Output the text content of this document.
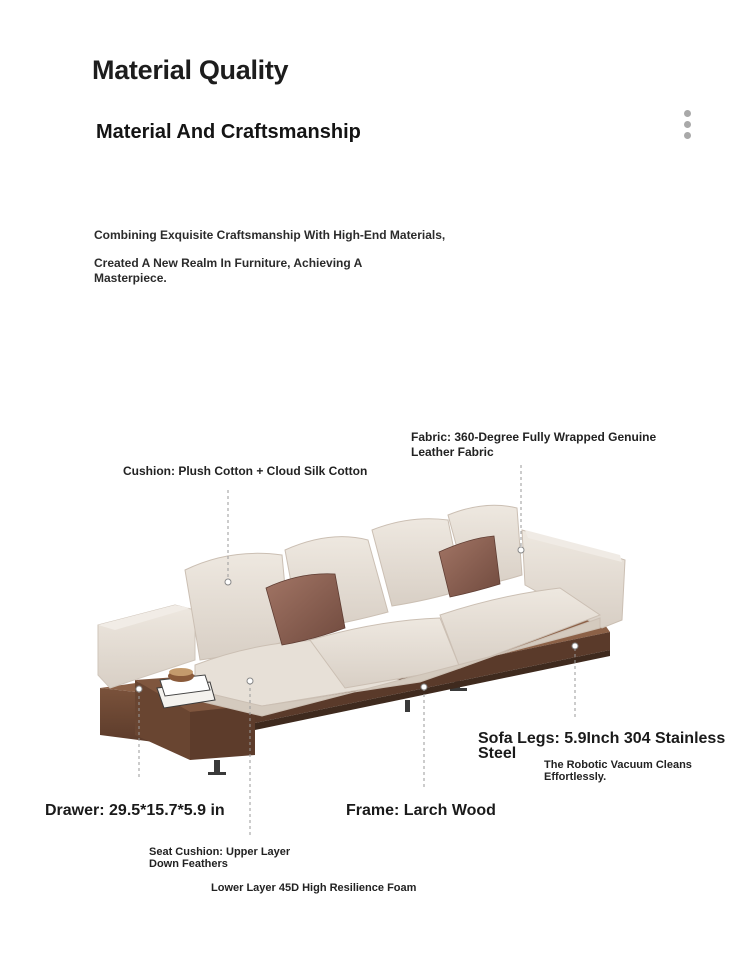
Material Quality
Material And Craftsmanship
Combining Exquisite Craftsmanship With High-End Materials,
Created A New Realm In Furniture, Achieving A
Masterpiece.
Fabric: 360-Degree Fully Wrapped Genuine
Leather Fabric
Cushion: Plush Cotton + Cloud Silk Cotton
Sofa Legs: 5.9Inch 304 Stainless Steel
The Robotic Vacuum Cleans
Effortlessly.
Drawer: 29.5*15.7*5.9 in	Frame: Larch Wood
Seat Cushion: Upper Layer
Down Feathers
Lower Layer 45D High Resilience Foam
